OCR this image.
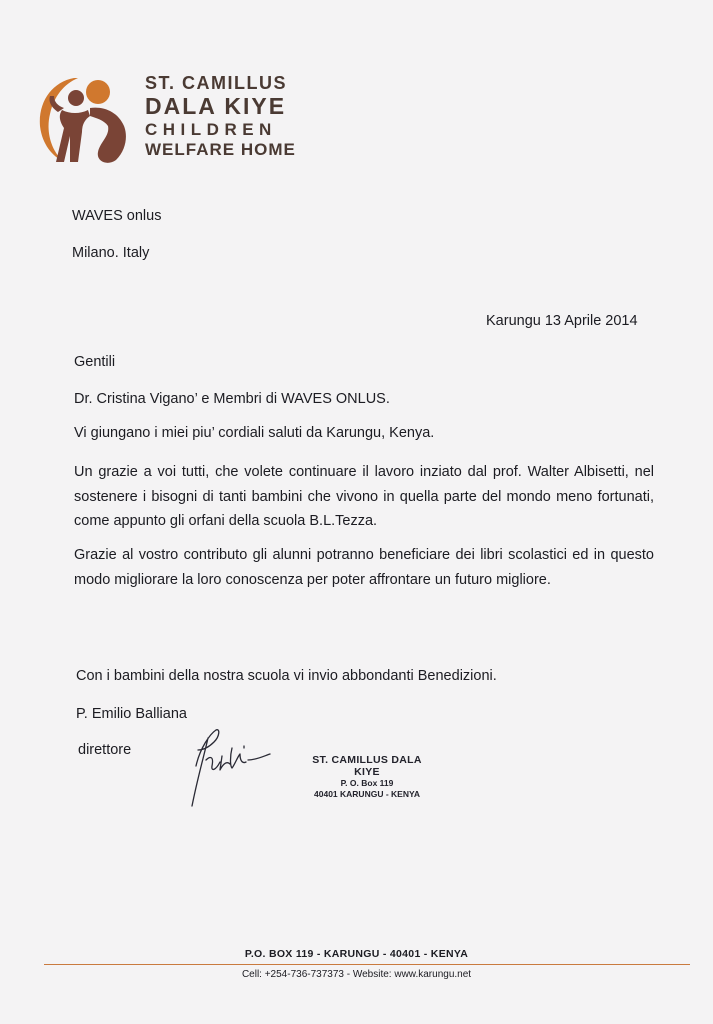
ST. CAMILLUS
DALA KIYE
CHILDREN
WELFARE HOME
WAVES onlus
Milano. Italy
Karungu 13 Aprile 2014
Gentili
Dr. Cristina Vigano’ e Membri di WAVES ONLUS.
Vi giungano i miei piu’ cordiali saluti da Karungu, Kenya.
Un grazie a voi tutti, che volete continuare il lavoro inziato dal prof. Walter Albisetti, nel sostenere i bisogni di tanti bambini che vivono in quella parte del mondo meno fortunati, come appunto gli orfani della scuola B.L.Tezza.
Grazie al vostro contributo gli alunni potranno beneficiare dei libri scolastici ed in questo modo migliorare la loro conoscenza per poter affrontare un futuro migliore.
Con i bambini della nostra scuola vi invio abbondanti Benedizioni.
P. Emilio Balliana
direttore
ST. CAMILLUS DALA KIYE
P. O. Box 119
40401 KARUNGU - KENYA
P.O. BOX 119 - KARUNGU - 40401 - KENYA
Cell: +254-736-737373 - Website: www.karungu.net
